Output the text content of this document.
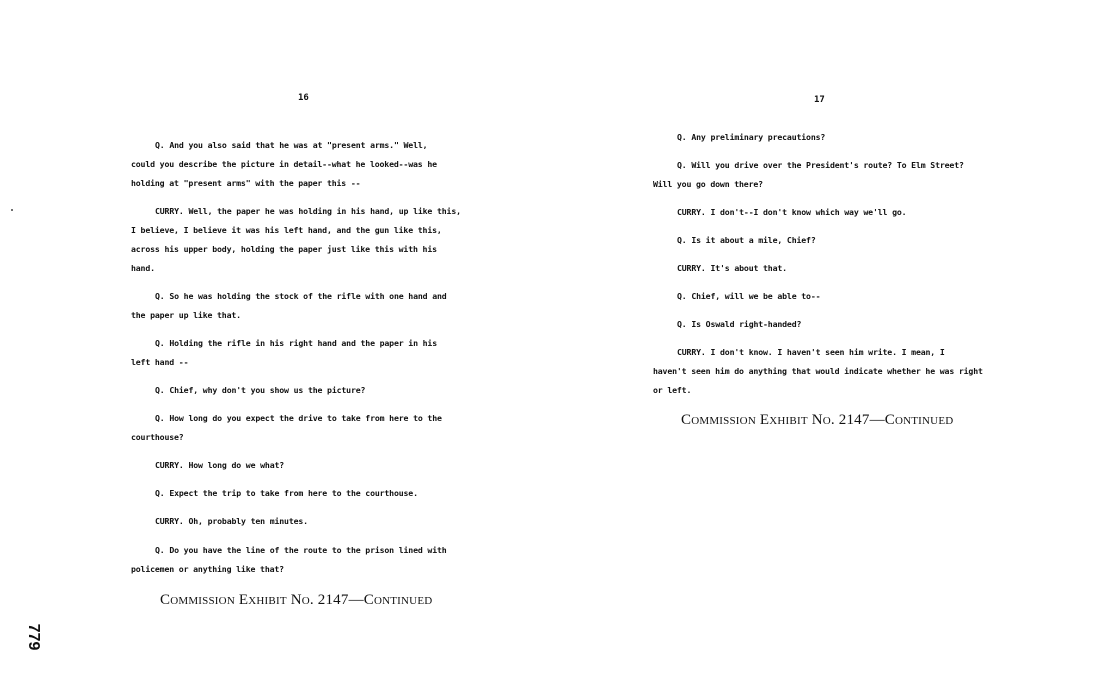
16
Q. And you also said that he was at "present arms." Well,
could you describe the picture in detail--what he looked--was he
holding at "present arms" with the paper this --
CURRY. Well, the paper he was holding in his hand, up like this,
I believe, I believe it was his left hand, and the gun like this,
across his upper body, holding the paper just like this with his
hand.
Q. So he was holding the stock of the rifle with one hand and
the paper up like that.
Q. Holding the rifle in his right hand and the paper in his
left hand --
Q. Chief, why don't you show us the picture?
Q. How long do you expect the drive to take from here to the
courthouse?
CURRY. How long do we what?
Q. Expect the trip to take from here to the courthouse.
CURRY. Oh, probably ten minutes.
Q. Do you have the line of the route to the prison lined with
policemen or anything like that?
Commission Exhibit No. 2147—Continued
17
Q. Any preliminary precautions?
Q. Will you drive over the President's route? To Elm Street?
Will you go down there?
CURRY. I don't--I don't know which way we'll go.
Q. Is it about a mile, Chief?
CURRY. It's about that.
Q. Chief, will we be able to--
Q. Is Oswald right-handed?
CURRY. I don't know. I haven't seen him write. I mean, I
haven't seen him do anything that would indicate whether he was right
or left.
Commission Exhibit No. 2147—Continued
779
